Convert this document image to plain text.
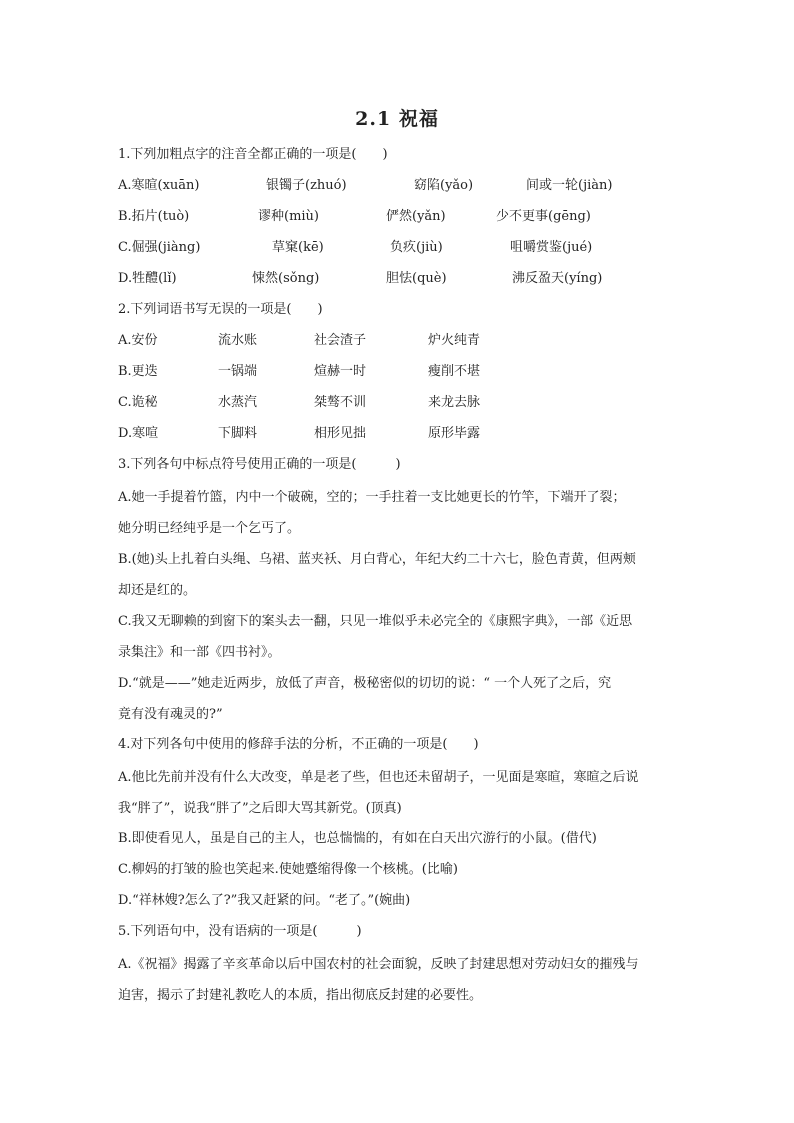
2.1 祝福
1.下列加粗点字的注音全都正确的一项是(　　)
A.寒暄(xuān)	银镯子(zhuó)	窈陷(yǎo)	间或一轮(jiàn)
B.拓片(tuò)	谬种(miù)	俨然(yǎn)	少不更事(gēng)
C.倔强(jiàng)	草窠(kē)	负疚(jiù)	咀嚼赏鉴(jué)
D.牲醴(lǐ)	悚然(sǒng)	胆怯(què)	沸反盈天(yíng)
2.下列词语书写无误的一项是(　　)
A.安份	流水账	社会渣子	炉火纯青
B.更迭	一锅端	煊赫一时	瘦削不堪
C.诡秘	水蒸汽	桀骜不训	来龙去脉
D.寒喧	下脚料	相形见拙	原形毕露
3.下列各句中标点符号使用正确的一项是(　　　)
A.她一手提着竹篮，内中一个破碗，空的；一手拄着一支比她更长的竹竿，下端开了裂；
她分明已经纯乎是一个乞丐了。
B.(她)头上扎着白头绳、乌裙、蓝夹袄、月白背心，年纪大约二十六七，脸色青黄，但两颊
却还是红的。
C.我又无聊赖的到窗下的案头去一翻，只见一堆似乎未必完全的《康熙字典》，一部《近思
录集注》和一部《四书衬》。
D.“就是——”她走近两步，放低了声音，极秘密似的切切的说：“ 一个人死了之后，究
竟有没有魂灵的?”
4.对下列各句中使用的修辞手法的分析，不正确的一项是(　　)
A.他比先前并没有什么大改变，单是老了些，但也还未留胡子，一见面是寒暄，寒暄之后说
我“胖了”，说我“胖了”之后即大骂其新党。(顶真)
B.即使看见人，虽是自己的主人，也总惴惴的，有如在白天出穴游行的小鼠。(借代)
C.柳妈的打皱的脸也笑起来.使她蹙缩得像一个核桃。(比喻)
D.“祥林嫂?怎么了?”我又赶紧的问。“老了。”(婉曲)
5.下列语句中，没有语病的一项是(　　　)
A.《祝福》揭露了辛亥革命以后中国农村的社会面貌，反映了封建思想对劳动妇女的摧残与
迫害，揭示了封建礼教吃人的本质，指出彻底反封建的必要性。
